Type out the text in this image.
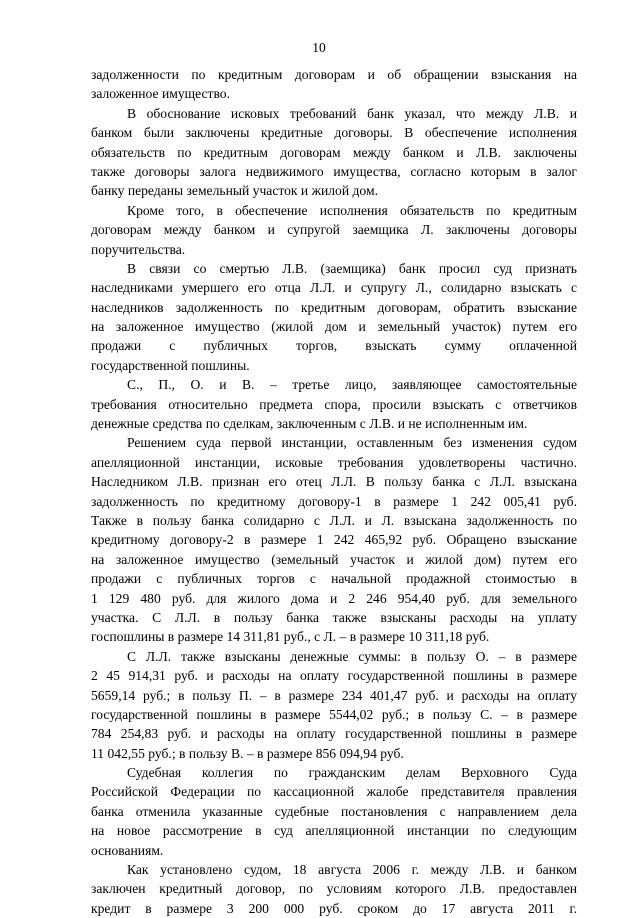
10
задолженности по кредитным договорам и об обращении взыскания на
заложенное имущество.
В обоснование исковых требований банк указал, что между Л.В. и
банком были заключены кредитные договоры. В обеспечение исполнения
обязательств по кредитным договорам между банком и Л.В. заключены
также договоры залога недвижимого имущества, согласно которым в залог
банку переданы земельный участок и жилой дом.
Кроме того, в обеспечение исполнения обязательств по кредитным
договорам между банком и супругой заемщика Л. заключены договоры
поручительства.
В связи со смертью Л.В. (заемщика) банк просил суд признать
наследниками умершего его отца Л.Л. и супругу Л., солидарно взыскать с
наследников задолженность по кредитным договорам, обратить взыскание
на заложенное имущество (жилой дом и земельный участок) путем его
продажи с публичных торгов, взыскать сумму оплаченной
государственной пошлины.
С., П., О. и В. – третье лицо, заявляющее самостоятельные
требования относительно предмета спора, просили взыскать с ответчиков
денежные средства по сделкам, заключенным с Л.В. и не исполненным им.
Решением суда первой инстанции, оставленным без изменения судом
апелляционной инстанции, исковые требования удовлетворены частично.
Наследником Л.В. признан его отец Л.Л. В пользу банка с Л.Л. взыскана
задолженность по кредитному договору-1 в размере 1 242 005,41 руб.
Также в пользу банка солидарно с Л.Л. и Л. взыскана задолженность по
кредитному договору-2 в размере 1 242 465,92 руб. Обращено взыскание
на заложенное имущество (земельный участок и жилой дом) путем его
продажи с публичных торгов с начальной продажной стоимостью в
1 129 480 руб. для жилого дома и 2 246 954,40 руб. для земельного
участка. С Л.Л. в пользу банка также взысканы расходы на уплату
госпошлины в размере 14 311,81 руб., с Л. – в размере 10 311,18 руб.
С Л.Л. также взысканы денежные суммы: в пользу О. – в размере
2 45 914,31 руб. и расходы на оплату государственной пошлины в размере
5659,14 руб.; в пользу П. – в размере 234 401,47 руб. и расходы на оплату
государственной пошлины в размере 5544,02 руб.; в пользу С. – в размере
784 254,83 руб. и расходы на оплату государственной пошлины в размере
11 042,55 руб.; в пользу В. – в размере 856 094,94 руб.
Судебная коллегия по гражданским делам Верховного Суда
Российской Федерации по кассационной жалобе представителя правления
банка отменила указанные судебные постановления с направлением дела
на новое рассмотрение в суд апелляционной инстанции по следующим
основаниям.
Как установлено судом, 18 августа 2006 г. между Л.В. и банком
заключен кредитный договор, по условиям которого Л.В. предоставлен
кредит в размере 3 200 000 руб. сроком до 17 августа 2011 г.
